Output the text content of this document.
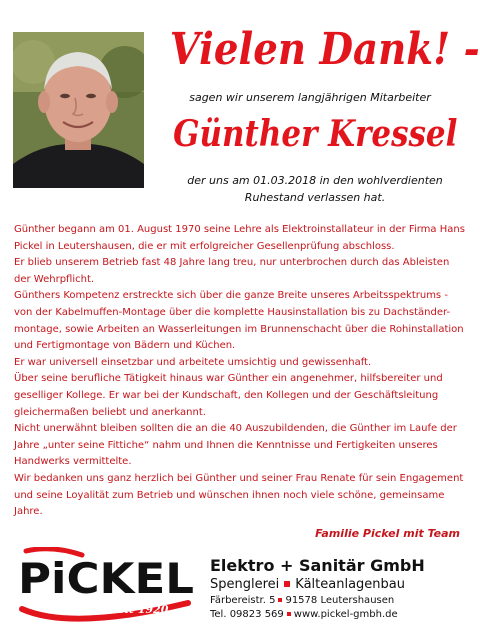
Vielen Dank! -
sagen wir unserem langjährigen Mitarbeiter
Günther Kressel
der uns am 01.03.2018 in den wohlverdienten
Ruhestand verlassen hat.

Günther begann am 01. August 1970 seine Lehre als Elektroinstallateur in der Firma Hans Pickel in Leutershausen, die er mit erfolgreicher Gesellenprüfung abschloss.

Er blieb unserem Betrieb fast 48 Jahre lang treu, nur unterbrochen durch das Ableisten der Wehrpflicht.

Günthers Kompetenz erstreckte sich über die ganze Breite unseres Arbeitsspektrums - von der Kabelmuffen-Montage über die komplette Hausinstallation bis zu Dachständer-montage, sowie Arbeiten an Wasserleitungen im Brunnenschacht über die Rohinstallation und Fertigmontage von Bädern und Küchen.

Er war universell einsetzbar und arbeitete umsichtig und gewissenhaft.

Über seine berufliche Tätigkeit hinaus war Günther ein angenehmer, hilfsbereiter und geselliger Kollege. Er war bei der Kundschaft, den Kollegen und der Geschäftsleitung gleichermaßen beliebt und anerkannt.

Nicht unerwähnt bleiben sollten die an die 40 Auszubildenden, die Günther im Laufe der Jahre „unter seine Fittiche“ nahm und Ihnen die Kenntnisse und Fertigkeiten unseres Handwerks vermittelte.

Wir bedanken uns ganz herzlich bei Günther und seiner Frau Renate für sein Engagement und seine Loyalität zum Betrieb und wünschen ihnen noch viele schöne, gemeinsame Jahre.

Familie Pickel mit Team
PiCKEL
seit 1920
Elektro + Sanitär GmbH
Spenglerei Kälteanlagenbau
Färbereistr. 5 91578 Leutershausen
Tel. 09823 569 www.pickel-gmbh.de
